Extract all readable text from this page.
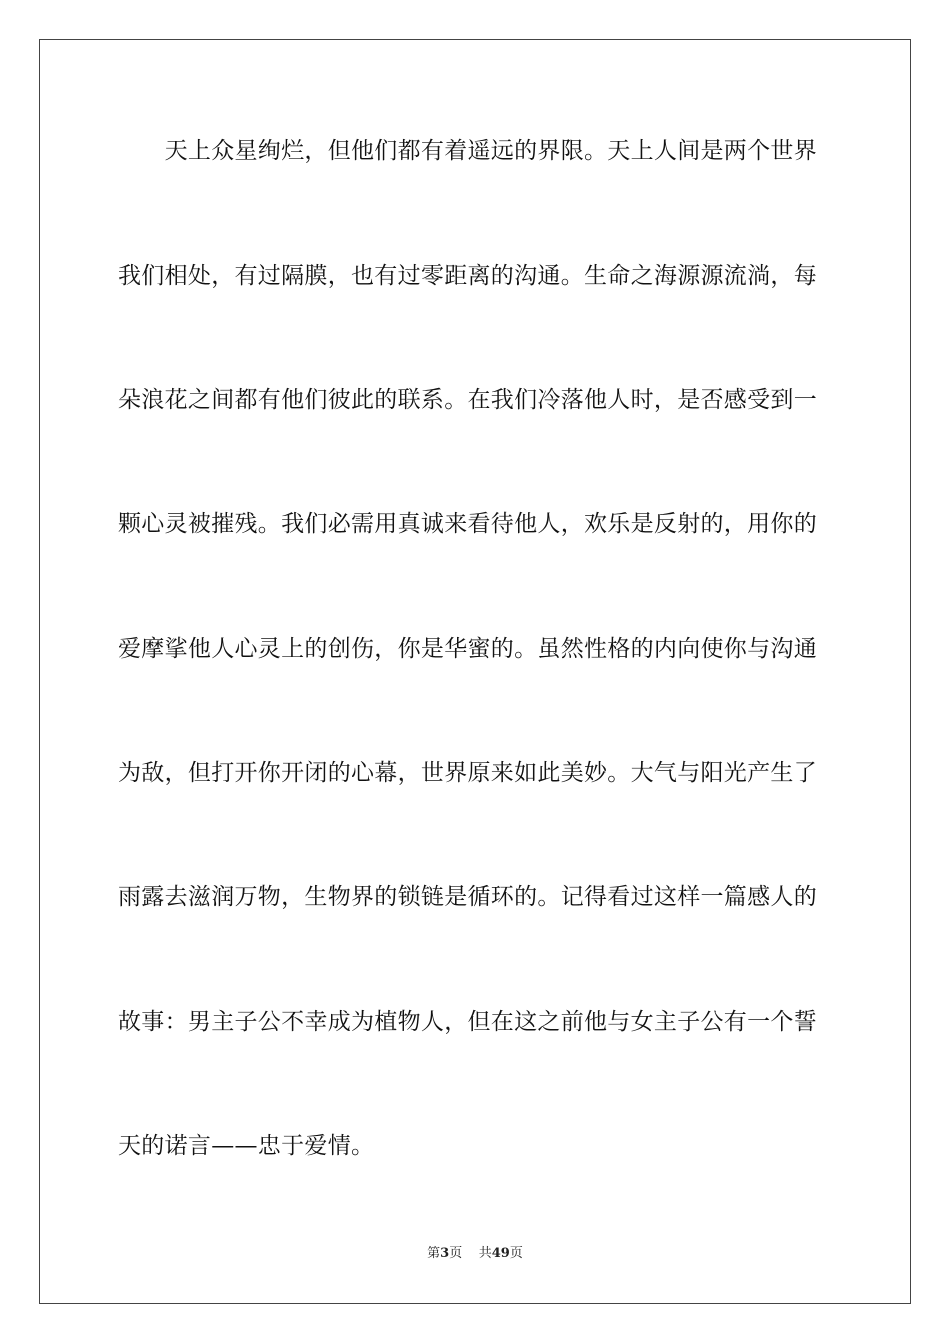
　　天上众星绚烂，但他们都有着遥远的界限。天上人间是两个世界
我们相处，有过隔膜，也有过零距离的沟通。生命之海源源流淌，每
朵浪花之间都有他们彼此的联系。在我们冷落他人时，是否感受到一
颗心灵被摧残。我们必需用真诚来看待他人，欢乐是反射的，用你的
爱摩挲他人心灵上的创伤，你是华蜜的。虽然性格的内向使你与沟通
为敌，但打开你开闭的心幕，世界原来如此美妙。大气与阳光产生了
雨露去滋润万物，生物界的锁链是循环的。记得看过这样一篇感人的
故事：男主子公不幸成为植物人，但在这之前他与女主子公有一个誓
天的诺言——忠于爱情。
第3页 共49页
